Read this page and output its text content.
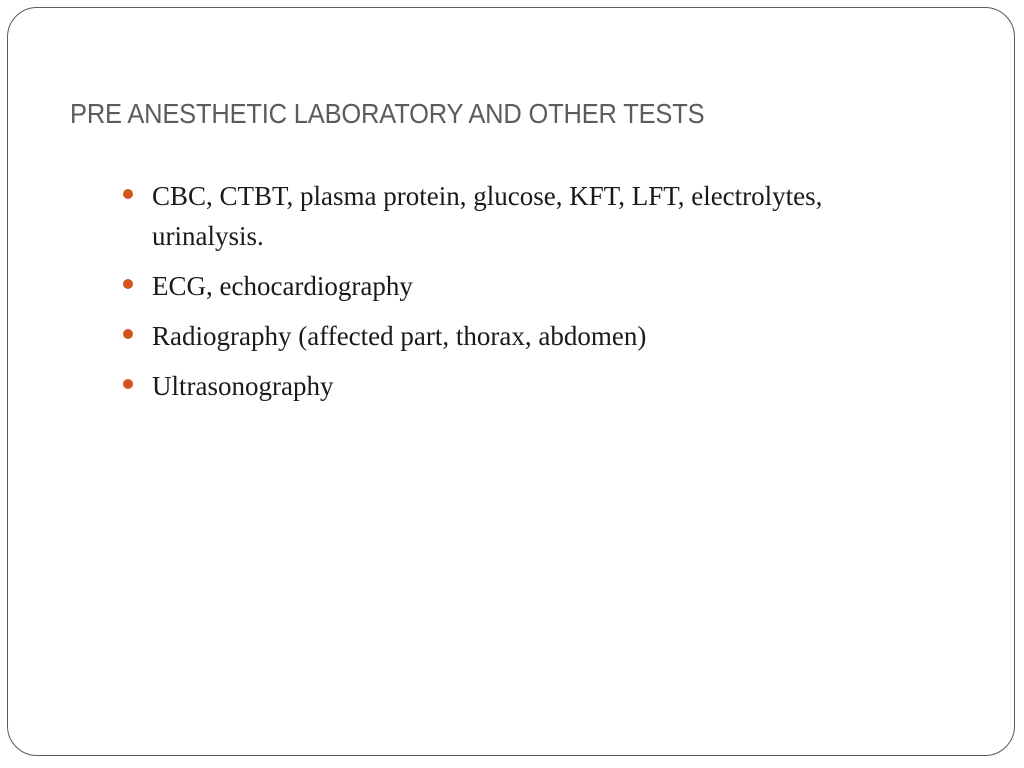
PRE ANESTHETIC LABORATORY AND OTHER TESTS
CBC, CTBT, plasma protein, glucose, KFT, LFT, electrolytes, urinalysis.
ECG, echocardiography
Radiography (affected part, thorax, abdomen)
Ultrasonography
